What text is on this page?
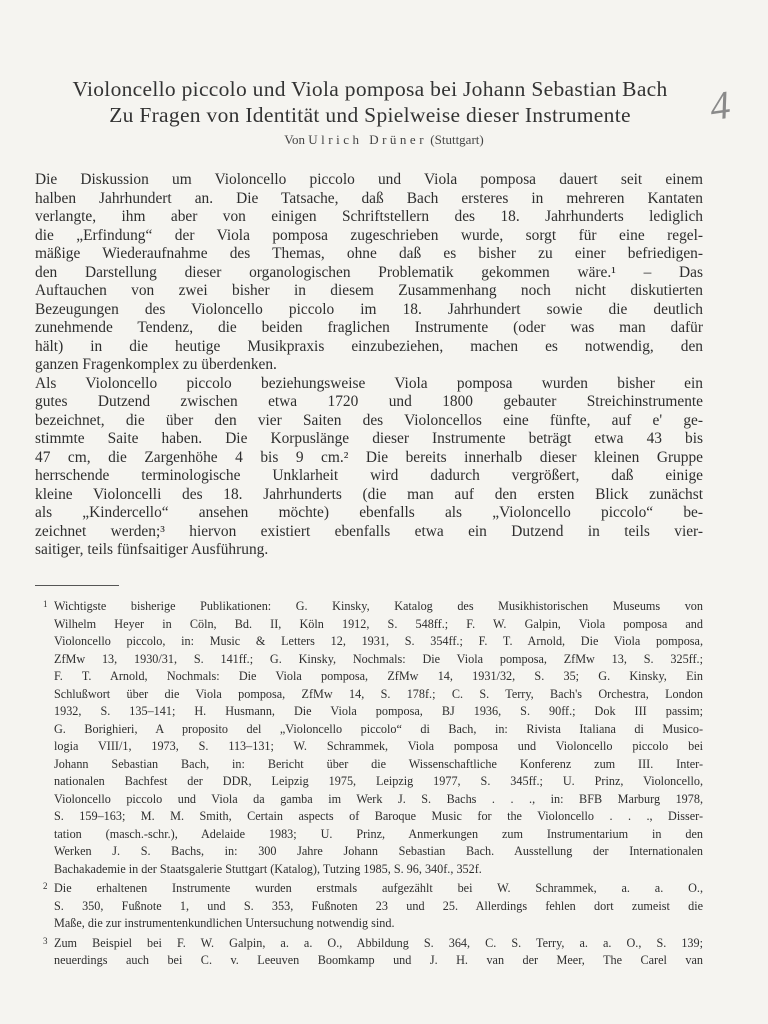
Violoncello piccolo und Viola pomposa bei Johann Sebastian Bach
Zu Fragen von Identität und Spielweise dieser Instrumente	4
Von Ulrich Drüner (Stuttgart)
Die Diskussion um Violoncello piccolo und Viola pomposa dauert seit einem
halben Jahrhundert an. Die Tatsache, daß Bach ersteres in mehreren Kantaten
verlangte, ihm aber von einigen Schriftstellern des 18. Jahrhunderts lediglich
die „Erfindung“ der Viola pomposa zugeschrieben wurde, sorgt für eine regel-
mäßige Wiederaufnahme des Themas, ohne daß es bisher zu einer befriedigen-
den Darstellung dieser organologischen Problematik gekommen wäre.¹ – Das
Auftauchen von zwei bisher in diesem Zusammenhang noch nicht diskutierten
Bezeugungen des Violoncello piccolo im 18. Jahrhundert sowie die deutlich
zunehmende Tendenz, die beiden fraglichen Instrumente (oder was man dafür
hält) in die heutige Musikpraxis einzubeziehen, machen es notwendig, den
ganzen Fragenkomplex zu überdenken.
Als Violoncello piccolo beziehungsweise Viola pomposa wurden bisher ein
gutes Dutzend zwischen etwa 1720 und 1800 gebauter Streichinstrumente
bezeichnet, die über den vier Saiten des Violoncellos eine fünfte, auf e' ge-
stimmte Saite haben. Die Korpuslänge dieser Instrumente beträgt etwa 43 bis
47 cm, die Zargenhöhe 4 bis 9 cm.² Die bereits innerhalb dieser kleinen Gruppe
herrschende terminologische Unklarheit wird dadurch vergrößert, daß einige
kleine Violoncelli des 18. Jahrhunderts (die man auf den ersten Blick zunächst
als „Kindercello“ ansehen möchte) ebenfalls als „Violoncello piccolo“ be-
zeichnet werden;³ hiervon existiert ebenfalls etwa ein Dutzend in teils vier-
saitiger, teils fünfsaitiger Ausführung.
1 Wichtigste bisherige Publikationen: G. Kinsky, Katalog des Musikhistorischen Museums von
Wilhelm Heyer in Cöln, Bd. II, Köln 1912, S. 548ff.; F. W. Galpin, Viola pomposa and
Violoncello piccolo, in: Music & Letters 12, 1931, S. 354ff.; F. T. Arnold, Die Viola pomposa,
ZfMw 13, 1930/31, S. 141ff.; G. Kinsky, Nochmals: Die Viola pomposa, ZfMw 13, S. 325ff.;
F. T. Arnold, Nochmals: Die Viola pomposa, ZfMw 14, 1931/32, S. 35; G. Kinsky, Ein
Schlußwort über die Viola pomposa, ZfMw 14, S. 178f.; C. S. Terry, Bach's Orchestra, London
1932, S. 135–141; H. Husmann, Die Viola pomposa, BJ 1936, S. 90ff.; Dok III passim;
G. Borighieri, A proposito del „Violoncello piccolo“ di Bach, in: Rivista Italiana di Musico-
logia VIII/1, 1973, S. 113–131; W. Schrammek, Viola pomposa und Violoncello piccolo bei
Johann Sebastian Bach, in: Bericht über die Wissenschaftliche Konferenz zum III. Inter-
nationalen Bachfest der DDR, Leipzig 1975, Leipzig 1977, S. 345ff.; U. Prinz, Violoncello,
Violoncello piccolo und Viola da gamba im Werk J. S. Bachs . . ., in: BFB Marburg 1978,
S. 159–163; M. M. Smith, Certain aspects of Baroque Music for the Violoncello . . ., Disser-
tation (masch.-schr.), Adelaide 1983; U. Prinz, Anmerkungen zum Instrumentarium in den
Werken J. S. Bachs, in: 300 Jahre Johann Sebastian Bach. Ausstellung der Internationalen
Bachakademie in der Staatsgalerie Stuttgart (Katalog), Tutzing 1985, S. 96, 340f., 352f.
2 Die erhaltenen Instrumente wurden erstmals aufgezählt bei W. Schrammek, a. a. O.,
S. 350, Fußnote 1, und S. 353, Fußnoten 23 und 25. Allerdings fehlen dort zumeist die
Maße, die zur instrumentenkundlichen Untersuchung notwendig sind.
3 Zum Beispiel bei F. W. Galpin, a. a. O., Abbildung S. 364, C. S. Terry, a. a. O., S. 139;
neuerdings auch bei C. v. Leeuven Boomkamp und J. H. van der Meer, The Carel van
